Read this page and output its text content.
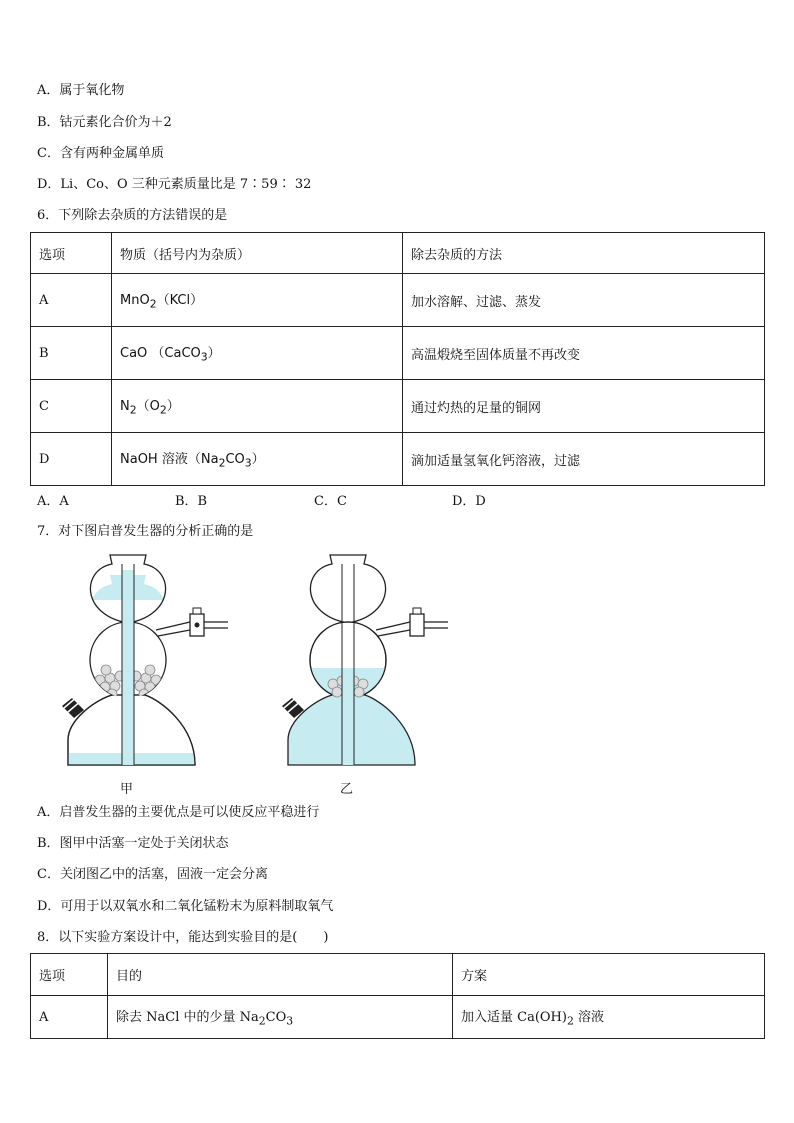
A．属于氧化物
B．钴元素化合价为＋2
C．含有两种金属单质
D．Li、Co、O 三种元素质量比是 7∶59∶ 32
6．下列除去杂质的方法错误的是
选项	物质（括号内为杂质）	除去杂质的方法
A	MnO$_2$（KCl）	加水溶解、过滤、蒸发
B	CaO （CaCO$_3$）	高温煅烧至固体质量不再改变
C	$N_2(O_2)$	通过灼热的足量的铜网
D	NaOH 溶液$(Na_2CO_3)$	滴加适量氢氧化钙溶液，过滤
A．A	B．B	C．C	D．D
7．对下图启普发生器的分析正确的是
甲	乙
A．启普发生器的主要优点是可以使反应平稳进行
B．图甲中活塞一定处于关闭状态
C．关闭图乙中的活塞，固液一定会分离
D．可用于以双氧水和二氧化锰粉末为原料制取氧气
8．以下实验方案设计中，能达到实验目的是(　　)
选项	目的	方案
A	除去 NaCl 中的少量 $Na_2CO_3$	加入适量 $Ca(OH)_2$ 溶液
